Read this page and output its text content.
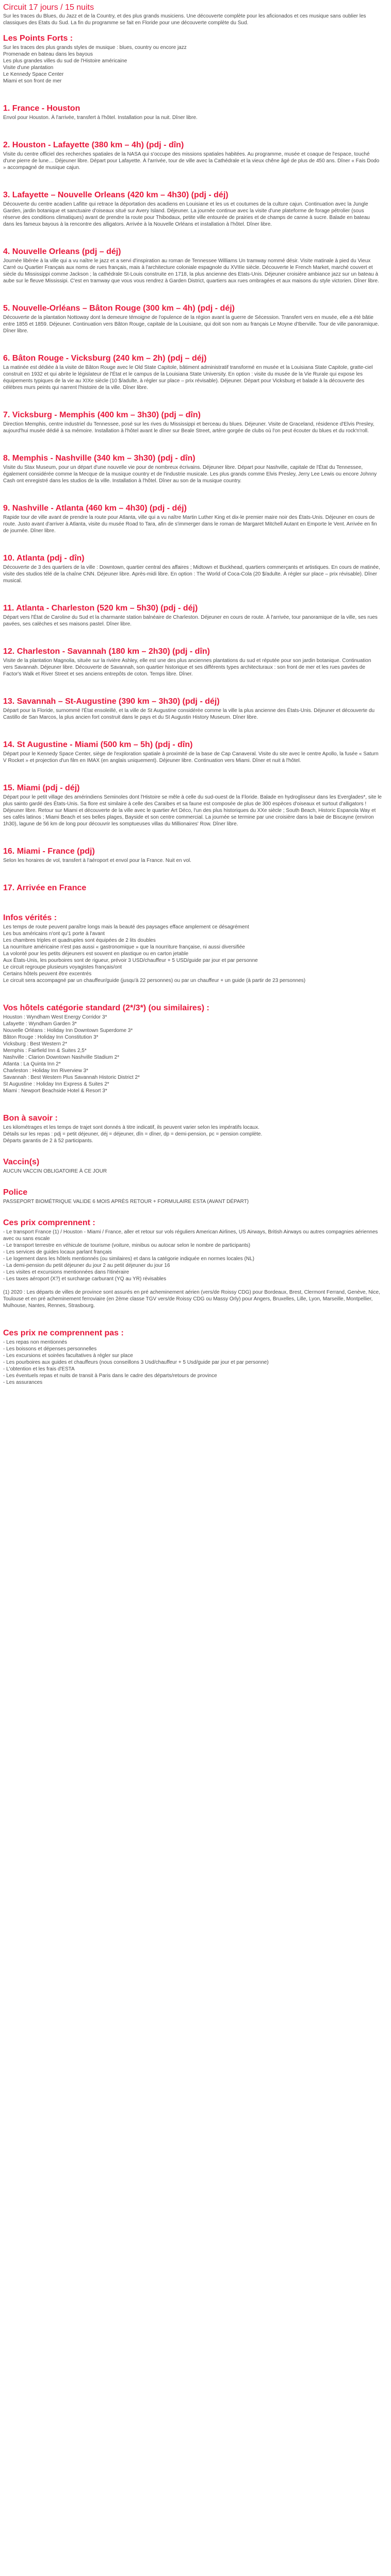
Circuit 17 jours / 15 nuits

Sur les traces du Blues, du Jazz et de la Country, et des plus grands musiciens. Une découverte complète pour les aficionados et ces musique sans oublier les classiques des Etats du Sud. La fin du programme se fait en Floride pour une découverte complète du Sud.

Les Points Forts :

Sur les traces des plus grands styles de musique : blues, country ou encore jazz

Promenade en bateau dans les bayous

Les plus grandes villes du sud de l'Histoire américaine

Visite d'une plantation

Le Kennedy Space Center

Miami et son front de mer

1. France - Houston

Envol pour Houston. À l'arrivée, transfert à l'hôtel. Installation pour la nuit. Dîner libre.

2. Houston - Lafayette (380 km – 4h) (pdj - dîn)

Visite du centre officiel des recherches spatiales de la NASA qui s'occupe des missions spatiales habitées. Au programme, musée et coaque de l'espace, touché d'une pierre de lune… Déjeuner libre. Départ pour Lafayette. À l'arrivée, tour de ville avec la Cathédrale et la vieux chêne âgé de plus de 450 ans. Dîner « Fais Dodo » accompagné de musique cajun.

3. Lafayette – Nouvelle Orleans (420 km – 4h30) (pdj - déj)

Découverte du centre acadien Lafitte qui retrace la déportation des acadiens en Louisiane et les us et coutumes de la culture cajun. Continuation avec la Jungle Garden, jardin botanique et sanctuaire d'oiseaux situé sur Avery Island. Déjeuner. La journée continue avec la visite d'une plateforme de forage pétrolier (sous réserve des conditions climatiques) avant de prendre la route pour Thibodaux, petite ville entourée de prairies et de champs de canne à sucre. Balade en bateau dans les fameux bayous à la rencontre des alligators. Arrivée à la Nouvelle Orléans et installation à l'hôtel. Dîner libre.

4. Nouvelle Orleans (pdj – déj)

Journée libérée à la ville qui a vu naître le jazz et a servi d'inspiration au roman de Tennessee Williams Un tramway nommé désir. Visite matinale à pied du Vieux Carré ou Quartier Français aux noms de rues français, mais à l'architecture coloniale espagnole du XVIIIe siècle. Découverte le French Market, marché couvert et siècle du Mississippi comme Jackson ; la cathédrale St-Louis construite en 1718, la plus ancienne des Etats-Unis. Déjeuner croisière ambiance jazz sur un bateau à aube sur le fleuve Mississipi. C'est en tramway que vous vous rendrez à Garden District, quartiers aux rues ombragées et aux maisons du style victorien. Dîner libre.

5. Nouvelle-Orléans – Bâton Rouge (300 km – 4h) (pdj - déj)

Découverte de la plantation Nottoway dont la demeure témoigne de l'opulence de la région avant la guerre de Sécession. Transfert vers en musée, elle a été bâtie entre 1855 et 1859. Déjeuner. Continuation vers Bâton Rouge, capitale de la Louisiane, qui doit son nom au français Le Moyne d'Iberville. Tour de ville panoramique. Dîner libre.

6. Bâton Rouge - Vicksburg (240 km – 2h) (pdj – déj)

La matinée est dédiée à la visite de Bâton Rouge avec le Old State Capitole, bâtiment administratif transformé en musée et la Louisiana State Capitole, gratte-ciel construit en 1932 et qui abrite le législateur de l'État et le campus de la Louisiana State University. En option : visite du musée de la Vie Rurale qui expose les équipements typiques de la vie au XIXe siècle (10 $/adulte, à régler sur place – prix révisable). Déjeuner. Départ pour Vicksburg et balade à la découverte des célèbres murs peints qui narrent l'histoire de la ville. Dîner libre.

7. Vicksburg - Memphis (400 km – 3h30) (pdj – dîn)

Direction Memphis, centre industriel du Tennessee, posé sur les rives du Mississippi et berceau du blues. Déjeuner. Visite de Graceland, résidence d'Elvis Presley, aujourd'hui musée dédié à sa mémoire. Installation à l'hôtel avant le dîner sur Beale Street, artère gorgée de clubs où l'on peut écouter du blues et du rock'n'roll.

8. Memphis - Nashville (340 km – 3h30) (pdj - dîn)

Visite du Stax Museum, pour un départ d'une nouvelle vie pour de nombreux écrivains. Déjeuner libre. Départ pour Nashville, capitale de l'État du Tennessee, également considérée comme la Mecque de la musique country et de l'industrie musicale. Les plus grands comme Elvis Presley, Jerry Lee Lewis ou encore Johnny Cash ont enregistré dans les studios de la ville. Installation à l'hôtel. Dîner au son de la musique country.

9. Nashville - Atlanta (460 km – 4h30) (pdj - déj)

Rapide tour de ville avant de prendre la route pour Atlanta, ville qui a vu naître Martin Luther King et dix-le premier maire noir des États-Unis. Déjeuner en cours de route. Justo avant d'arriver à Atlanta, visite du musée Road to Tara, afin de s'immerger dans le roman de Margaret Mitchell Autant en Emporte le Vent. Arrivée en fin de journée. Dîner libre.

10. Atlanta (pdj - dîn)

Découverte de 3 des quartiers de la ville : Downtown, quartier central des affaires ; Midtown et Buckhead, quartiers commerçants et artistiques. En cours de matinée, visite des studios télé de la chaîne CNN. Déjeuner libre. Après-midi libre. En option : The World of Coca-Cola (20 $/adulte. À régler sur place – prix révisable). Dîner musical.

11. Atlanta - Charleston (520 km – 5h30) (pdj - déj)

Départ vers l'État de Caroline du Sud et la charmante station balnéaire de Charleston. Déjeuner en cours de route. À l'arrivée, tour panoramique de la ville, ses rues pavées, ses calèches et ses maisons pastel. Dîner libre.

12. Charleston - Savannah (180 km – 2h30) (pdj - dîn)

Visite de la plantation Magnolia, située sur la rivière Ashley, elle est une des plus anciennes plantations du sud et réputée pour son jardin botanique. Continuation vers Savannah. Déjeuner libre. Découverte de Savannah, son quartier historique et ses différents types architecturaux : son front de mer et les rues pavées de Factor's Walk et River Street et ses anciens entrepôts de coton. Temps libre. Dîner.

13. Savannah – St-Augustine (390 km – 3h30) (pdj - déj)

Départ pour la Floride, surnommé l'État ensoleillé, et la ville de St Augustine considérée comme la ville la plus ancienne des États-Unis. Déjeuner et découverte du Castillo de San Marcos, la plus ancien fort construit dans le pays et du St Augustin History Museum. Dîner libre.

14. St Augustine - Miami (500 km – 5h) (pdj - dîn)

Départ pour le Kennedy Space Center, siège de l'exploration spatiale à proximité de la base de Cap Canaveral. Visite du site avec le centre Apollo, la fusée « Saturn V Rocket » et projection d'un film en IMAX (en anglais uniquement). Déjeuner libre. Continuation vers Miami. Dîner et nuit à l'hôtel.

15. Miami (pdj - déj)

Départ pour le petit village des amérindiens Seminoles dont l'Histoire se mêle à celle du sud-ouest de la Floride. Balade en hydroglisseur dans les Everglades*, site le plus sainto gardé des États-Unis. Sa flore est similaire à celle des Caraïbes et sa faune est composée de plus de 300 espèces d'oiseaux et surtout d'alligators ! Déjeuner libre. Retour sur Miami et découverte de la ville avec le quartier Art Déco, l'un des plus historiques du XXe siècle ; South Beach, Historic Espanola Way et ses cafés latinos ; Miami Beach et ses belles plages, Bayside et son centre commercial. La journée se termine par une croisière dans la baie de Biscayne (environ 1h30), lagune de 56 km de long pour découvrir les somptueuses villas du Millionaires' Row. Dîner libre.

16. Miami - France (pdj)

Selon les horaires de vol, transfert à l'aéroport et envol pour la France. Nuit en vol.

17. Arrivée en France

Infos vérités :

Les temps de route peuvent paraître longs mais la beauté des paysages efface amplement ce désagrément

Les bus américains n'ont qu'1 porte à l'avant

Les chambres triples et quadruples sont équipées de 2 lits doubles

La nourriture américaine n'est pas aussi « gastronomique » que la nourriture française, ni aussi diversifiée

La volonté pour les petits déjeuners est souvent en plastique ou en carton jetable

Aux États-Unis, les pourboires sont de rigueur, prévoir 3 USD/chauffeur + 5 USD/guide par jour et par personne

Le circuit regroupe plusieurs voyagistes français/ont

Certains hôtels peuvent être excentrés

Le circuit sera accompagné par un chauffeur/guide (jusqu'à 22 personnes) ou par un chauffeur + un guide (à partir de 23 personnes)

Vos hôtels catégorie standard (2*/3*) (ou similaires) :

Houston : Wyndham West Energy Corridor 3*

Lafayette : Wyndham Garden 3*

Nouvelle Orléans : Holiday Inn Downtown Superdome 3*

Bâton Rouge : Holiday Inn Constitution 3*

Vicksburg : Best Western 2*

Memphis : Fairfield Inn & Suites 2,5*

Nashville : Clarion Downtown Nashville Stadium 2*

Atlanta : La Quinta Inn 2*

Charleston : Holiday Inn Riverview 3*

Savannah : Best Western Plus Savannah Historic District 2*

St Augustine : Holiday Inn Express & Suites 2*

Miami : Newport Beachside Hotel & Resort 3*

Bon à savoir :

Les kilométrages et les temps de trajet sont donnés à titre indicatif, ils peuvent varier selon les impératifs locaux.

Détails sur les repas : pdj = petit déjeuner, déj = déjeuner, dîn = dîner, dp = demi-pension, pc = pension complète.

Départs garantis de 2 à 52 participants.

Vaccin(s)

AUCUN VACCIN OBLIGATOIRE À CE JOUR

Police

PASSEPORT BIOMÉTRIQUE VALIDE 6 MOIS APRÈS RETOUR + FORMULAIRE ESTA (AVANT DÉPART)

Ces prix comprennent :

- Le transport France (1) / Houston - Miami / France, aller et retour sur vols réguliers American Airlines, US Airways, British Airways ou autres compagnies aériennes avec ou sans escale

- Le transport terrestre en véhicule de tourisme (voiture, minibus ou autocar selon le nombre de participants)

- Les services de guides locaux parlant français

- Le logement dans les hôtels mentionnés (ou similaires) et dans la catégorie indiquée en normes locales (NL)

- La demi-pension du petit déjeuner du jour 2 au petit déjeuner du jour 16

- Les visites et excursions mentionnées dans l'itinéraire

- Les taxes aéroport (X?) et surcharge carburant (YQ au YR) révisables

(1) 2020 : Les départs de villes de province sont assurés en pré acheminement aérien (vers/de Roissy CDG) pour Bordeaux, Brest, Clermont Ferrand, Genève, Nice, Toulouse et en pré acheminement ferroviaire (en 2ème classe TGV vers/de Roissy CDG ou Massy Orly) pour Angers, Bruxelles, Lille, Lyon, Marseille, Montpellier, Mulhouse, Nantes, Rennes, Strasbourg.

Ces prix ne comprennent pas :

- Les repas non mentionnés

- Les boissons et dépenses personnelles

- Les excursions et soirées facultatives à régler sur place

- Les pourboires aux guides et chauffeurs (nous conseillons 3 Usd/chauffeur + 5 Usd/guide par jour et par personne)

- L'obtention et les frais d'ESTA

- Les éventuels repas et nuits de transit à Paris dans le cadre des départs/retours de province

- Les assurances
